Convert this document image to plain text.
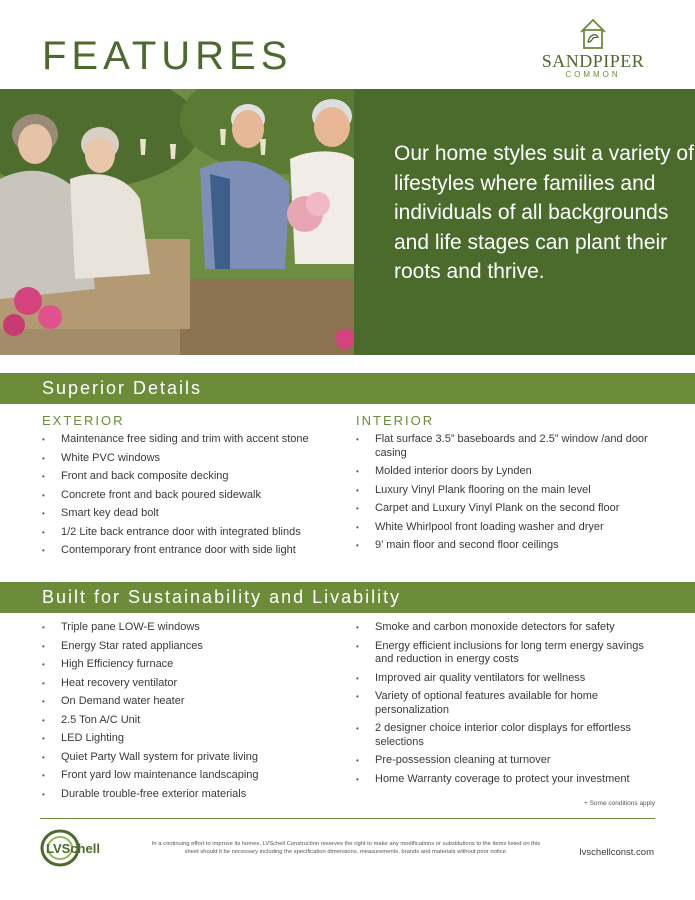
FEATURES	SANDPIPER
COMMON

Our home styles suit a variety of lifestyles where families and individuals of all backgrounds and life stages can plant their roots and thrive.

Superior Details
EXTERIOR	INTERIOR
• Maintenance free siding and trim with accent stone
• White PVC windows
• Front and back composite decking
• Concrete front and back poured sidewalk
• Smart key dead bolt
• 1/2 Lite back entrance door with integrated blinds
• Contemporary front entrance door with side light
• Flat surface 3.5” baseboards and 2.5” window /and door casing
• Molded interior doors by Lynden
• Luxury Vinyl Plank flooring on the main level
• Carpet and Luxury Vinyl Plank on the second floor
• White Whirlpool front loading washer and dryer
• 9’ main floor and second floor ceilings
Built for Sustainability and Livability
• Triple pane LOW-E windows
• Energy Star rated appliances
• High Efficiency furnace
• Heat recovery ventilator
• On Demand water heater
• 2.5 Ton A/C Unit
• LED Lighting
• Quiet Party Wall system for private living
• Front yard low maintenance landscaping
• Durable trouble-free exterior materials
• Smoke and carbon monoxide detectors for safety
• Energy efficient inclusions for long term energy savings and reduction in energy costs
• Improved air quality ventilators for wellness
• Variety of optional features available for home personalization
• 2 designer choice interior color displays for effortless selections
• Pre-possession cleaning at turnover
• Home Warranty coverage to protect your investment
+ Some conditions apply
LVSchell	In a continuing effort to improve its homes, LVSchell Construction reserves the right to make any modifications or substitutions to the items listed on this sheet should it be necessary including the specification dimensions, measurements, brands and materials without prior notice.	lvschellconst.com
